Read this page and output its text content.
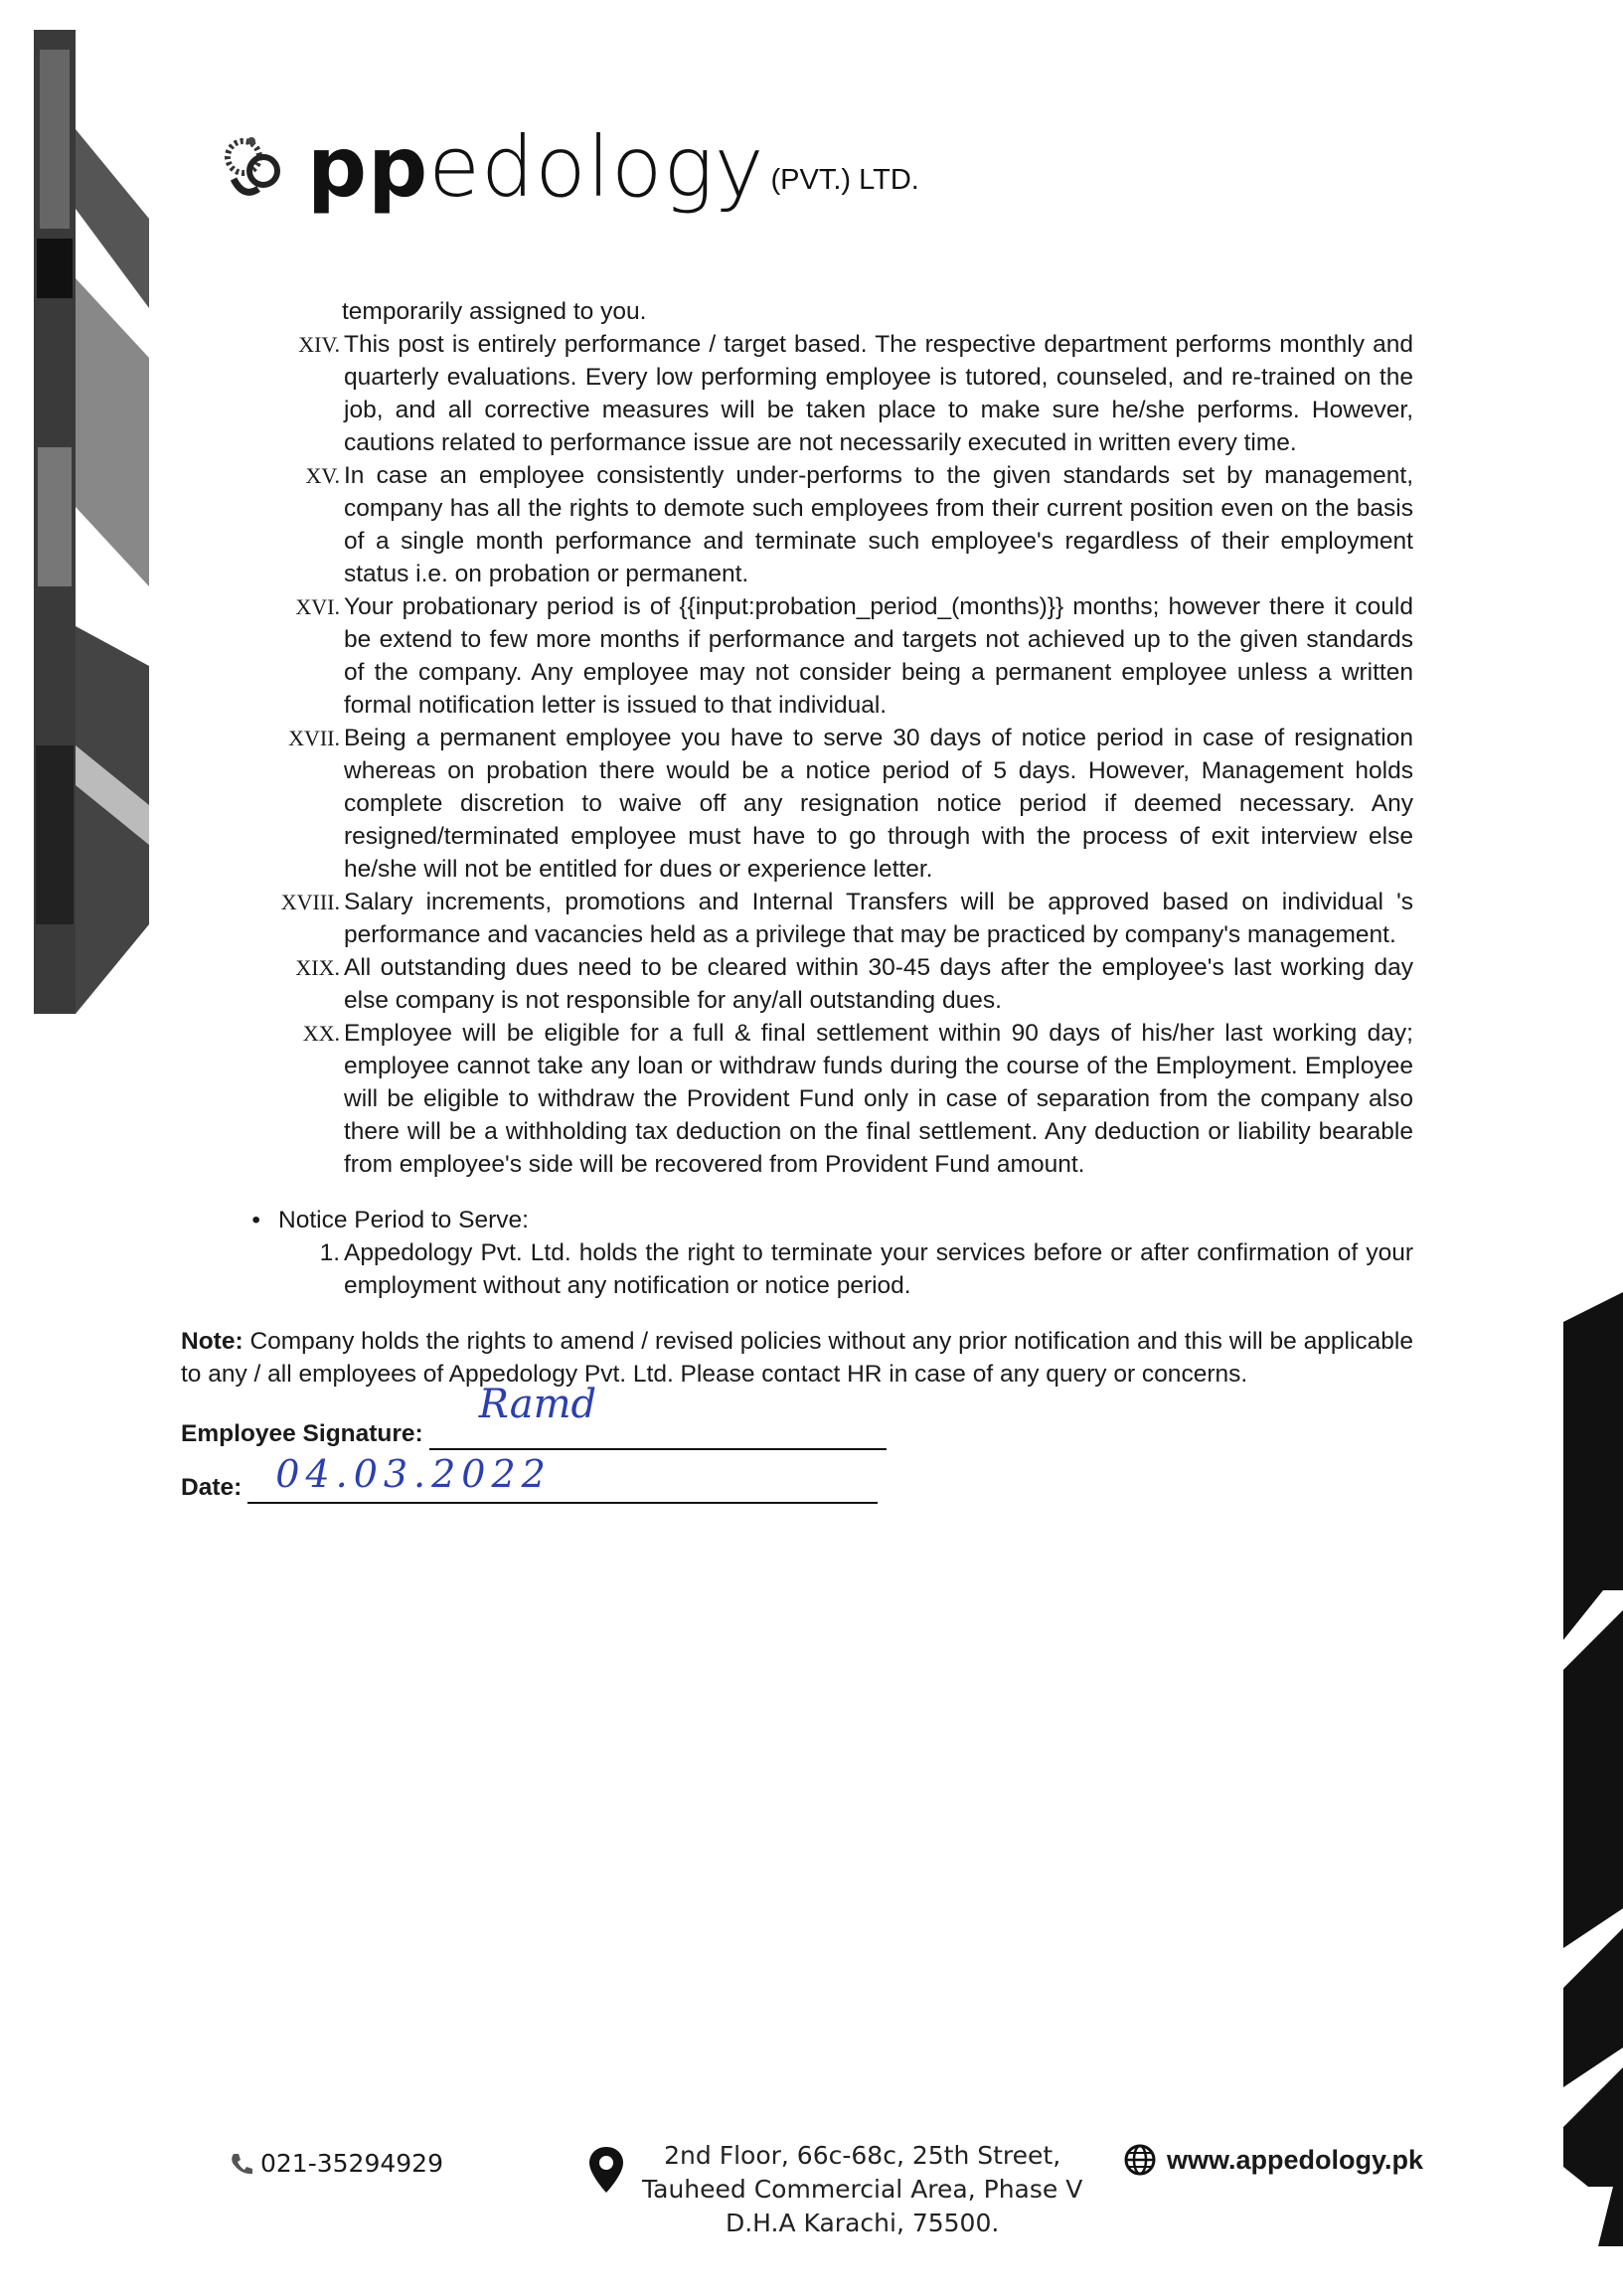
ppedology (PVT.) LTD.
temporarily assigned to you.
XIV. This post is entirely performance / target based. The respective department performs monthly and quarterly evaluations. Every low performing employee is tutored, counseled, and re-trained on the job, and all corrective measures will be taken place to make sure he/she performs. However, cautions related to performance issue are not necessarily executed in written every time.
XV. In case an employee consistently under-performs to the given standards set by management, company has all the rights to demote such employees from their current position even on the basis of a single month performance and terminate such employee's regardless of their employment status i.e. on probation or permanent.
XVI. Your probationary period is of {{input:probation_period_(months)}} months; however there it could be extend to few more months if performance and targets not achieved up to the given standards of the company. Any employee may not consider being a permanent employee unless a written formal notification letter is issued to that individual.
XVII. Being a permanent employee you have to serve 30 days of notice period in case of resignation whereas on probation there would be a notice period of 5 days. However, Management holds complete discretion to waive off any resignation notice period if deemed necessary. Any resigned/terminated employee must have to go through with the process of exit interview else he/she will not be entitled for dues or experience letter.
XVIII. Salary increments, promotions and Internal Transfers will be approved based on individual 's performance and vacancies held as a privilege that may be practiced by company's management.
XIX. All outstanding dues need to be cleared within 30-45 days after the employee's last working day else company is not responsible for any/all outstanding dues.
XX. Employee will be eligible for a full & final settlement within 90 days of his/her last working day; employee cannot take any loan or withdraw funds during the course of the Employment. Employee will be eligible to withdraw the Provident Fund only in case of separation from the company also there will be a withholding tax deduction on the final settlement. Any deduction or liability bearable from employee's side will be recovered from Provident Fund amount.
• Notice Period to Serve:
1. Appedology Pvt. Ltd. holds the right to terminate your services before or after confirmation of your employment without any notification or notice period.
Note: Company holds the rights to amend / revised policies without any prior notification and this will be applicable to any / all employees of Appedology Pvt. Ltd. Please contact HR in case of any query or concerns.
Employee Signature:
Ramd
Date: 04.03.2022
021-35294929	2nd Floor, 66c-68c, 25th Street,
Tauheed Commercial Area, Phase V
D.H.A Karachi, 75500.
www.appedology.pk
